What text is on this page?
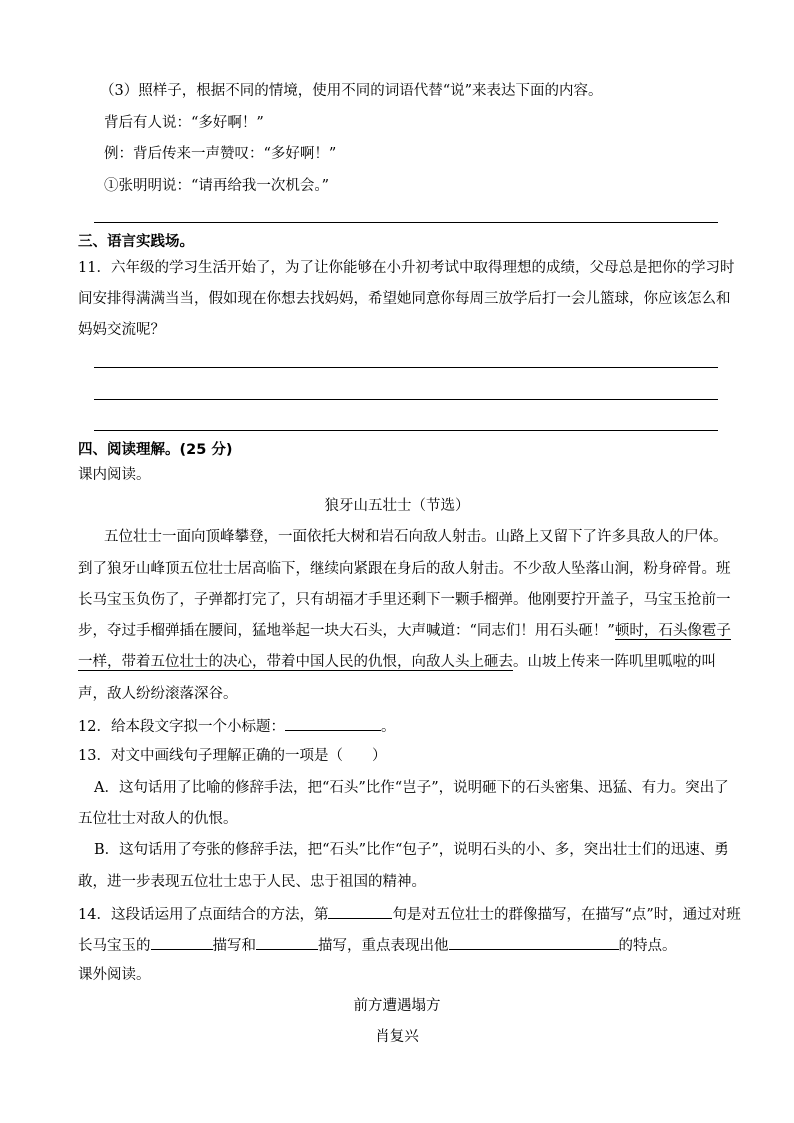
（3）照样子，根据不同的情境，使用不同的词语代替“说”来表达下面的内容。
背后有人说：“多好啊！”
例：背后传来一声赞叹：“多好啊！”
①张明明说：“请再给我一次机会。”
三、语言实践场。
11．六年级的学习生活开始了，为了让你能够在小升初考试中取得理想的成绩，父母总是把你的学习时
间安排得满满当当，假如现在你想去找妈妈，希望她同意你每周三放学后打一会儿篮球，你应该怎么和
妈妈交流呢？
四、阅读理解。(25 分)
课内阅读。
狼牙山五壮士（节选）
五位壮士一面向顶峰攀登，一面依托大树和岩石向敌人射击。山路上又留下了许多具敌人的尸体。
到了狼牙山峰顶五位壮士居高临下，继续向紧跟在身后的敌人射击。不少敌人坠落山涧，粉身碎骨。班
长马宝玉负伤了，子弹都打完了，只有胡福才手里还剩下一颗手榴弹。他刚要拧开盖子，马宝玉抢前一
步，夺过手榴弹插在腰间，猛地举起一块大石头，大声喊道：“同志们！用石头砸！”顿时，石头像雹子
一样，带着五位壮士的决心，带着中国人民的仇恨，向敌人头上砸去。山坡上传来一阵叽里呱啦的叫
声，敌人纷纷滚落深谷。
12．给本段文字拟一个小标题：	。
13．对文中画线句子理解正确的一项是（　　）
A．这句话用了比喻的修辞手法，把“石头”比作“岂子”，说明砸下的石头密集、迅猛、有力。突出了
五位壮士对敌人的仇恨。
B．这句话用了夸张的修辞手法，把“石头”比作“包子”，说明石头的小、多，突出壮士们的迅速、勇
敢，进一步表现五位壮士忠于人民、忠于祖国的精神。
14．这段话运用了点面结合的方法，第	句是对五位壮士的群像描写，在描写“点”时，通过对班
长马宝玉的	描写和	描写，重点表现出他	的特点。
课外阅读。
前方遭遇塌方
肖复兴
